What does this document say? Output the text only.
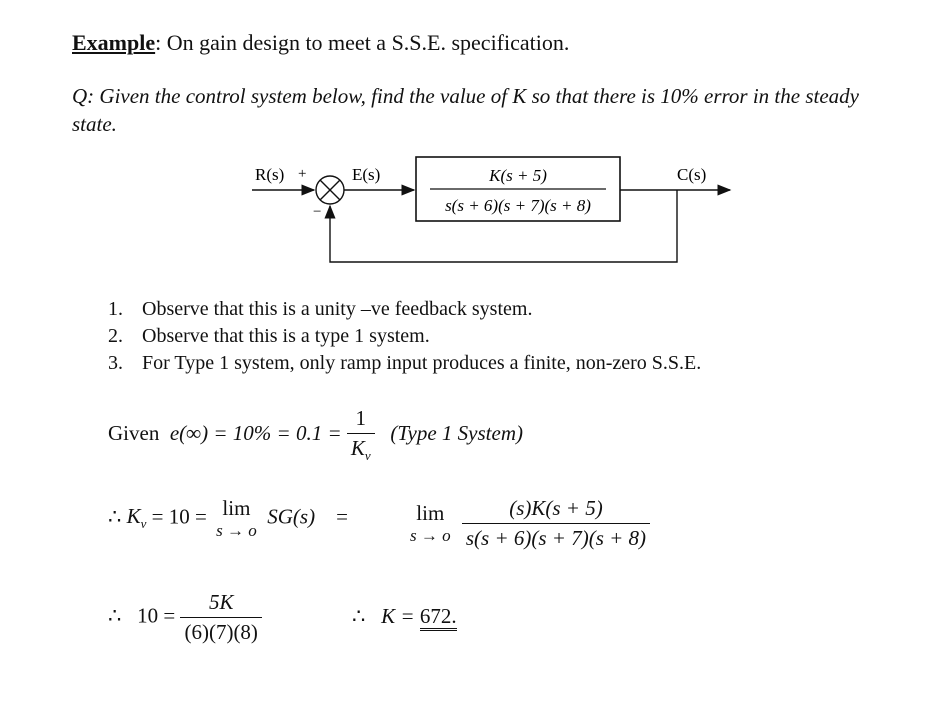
Example: On gain design to meet a S.S.E. specification.
Q: Given the control system below, find the value of K so that there is 10% error in the steady state.
R(s) +
−
E(s)	K(s + 5)
s(s + 6)(s + 7)(s + 8)
C(s)
1. Observe that this is a unity –ve feedback system.
2. Observe that this is a type 1 system.
3. For Type 1 system, only ramp input produces a finite, non-zero S.S.E.
Given $e(\infty) = 10\% = 0.1 = \frac{1}{K_v}$ (Type 1 System)
∴ $K_v = 10 = \lim$
s → o
SG(s) =	lim
s → o
$\frac{(s)K(s + 5)}{s(s + 6)(s + 7)(s + 8)}$
∴ $10 = \frac{5K}{(6)(7)(8)}$	∴ K = 672.
